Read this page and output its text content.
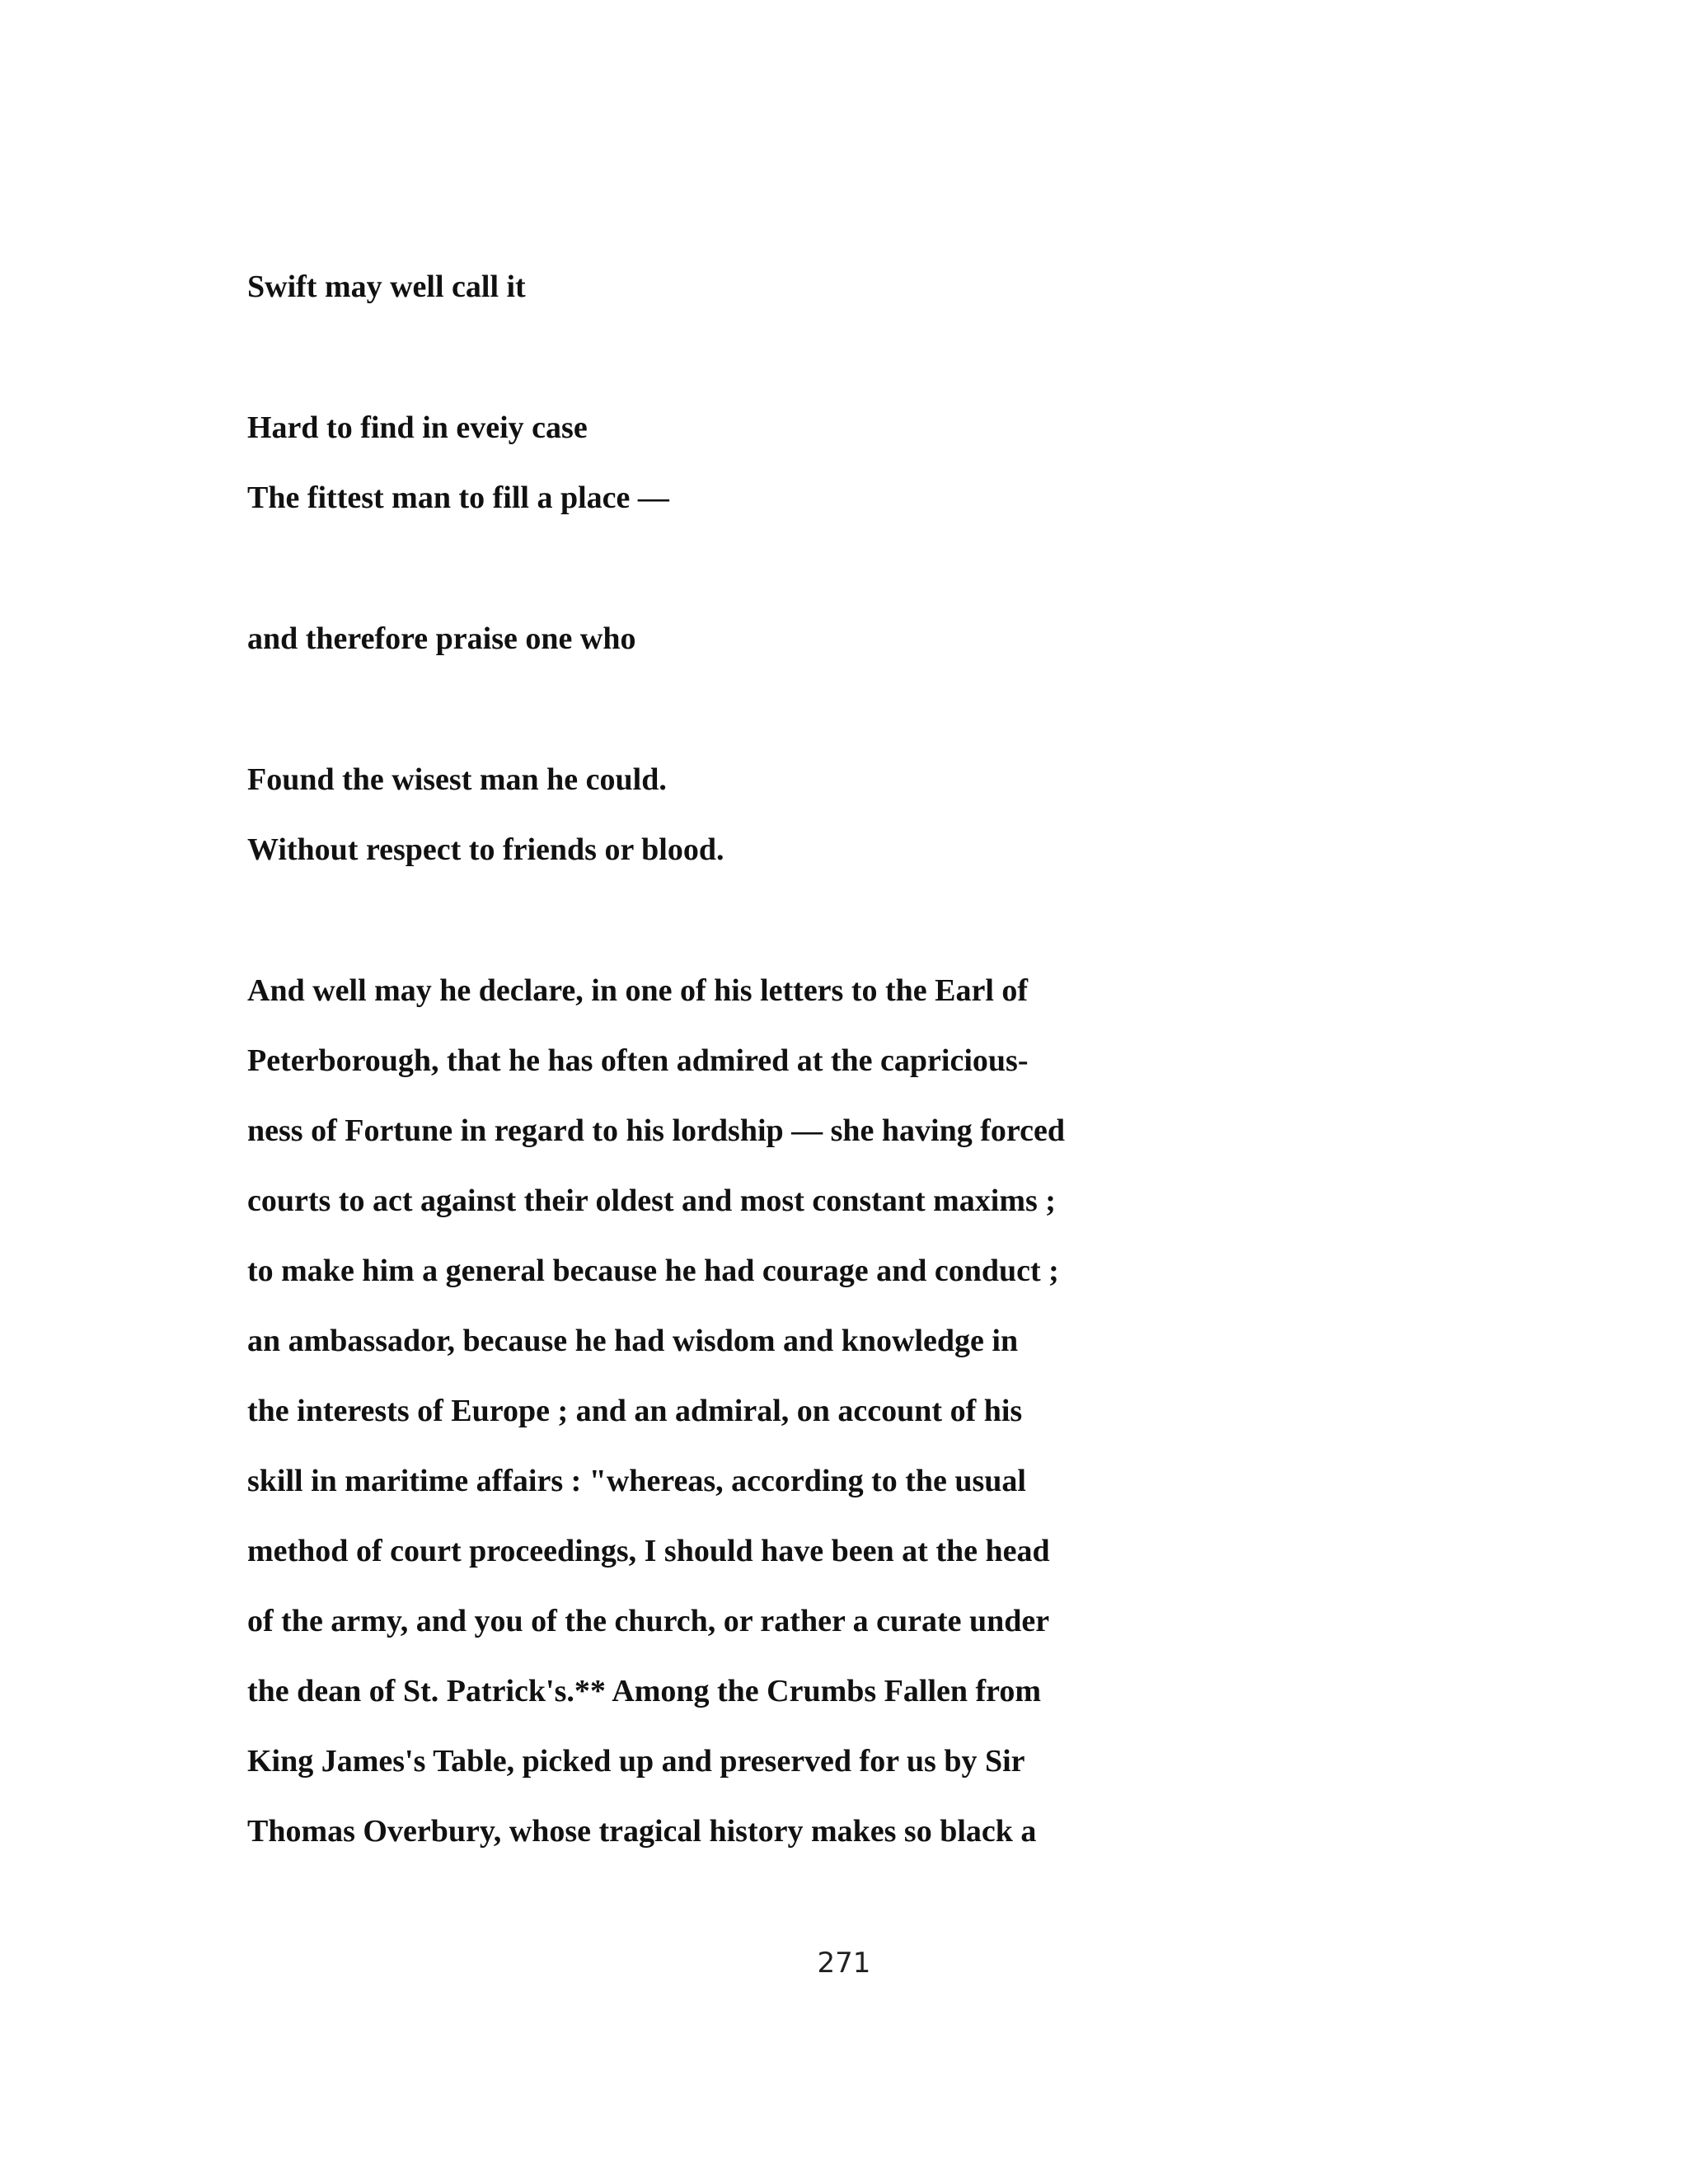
Swift may well call it

Hard to find in eveiy case

The fittest man to fill a place —

and therefore praise one who

Found the wisest man he could.

Without respect to friends or blood.

And well may he declare, in one of his letters to the Earl of

Peterborough, that he has often admired at the capricious-

ness of Fortune in regard to his lordship — she having forced

courts to act against their oldest and most constant maxims ;

to make him a general because he had courage and conduct ;

an ambassador, because he had wisdom and knowledge in

the interests of Europe ; and an admiral, on account of his

skill in maritime affairs : "whereas, according to the usual

method of court proceedings, I should have been at the head

of the army, and you of the church, or rather a curate under

the dean of St. Patrick's.** Among the Crumbs Fallen from

King James's Table, picked up and preserved for us by Sir

Thomas Overbury, whose tragical history makes so black a

271
